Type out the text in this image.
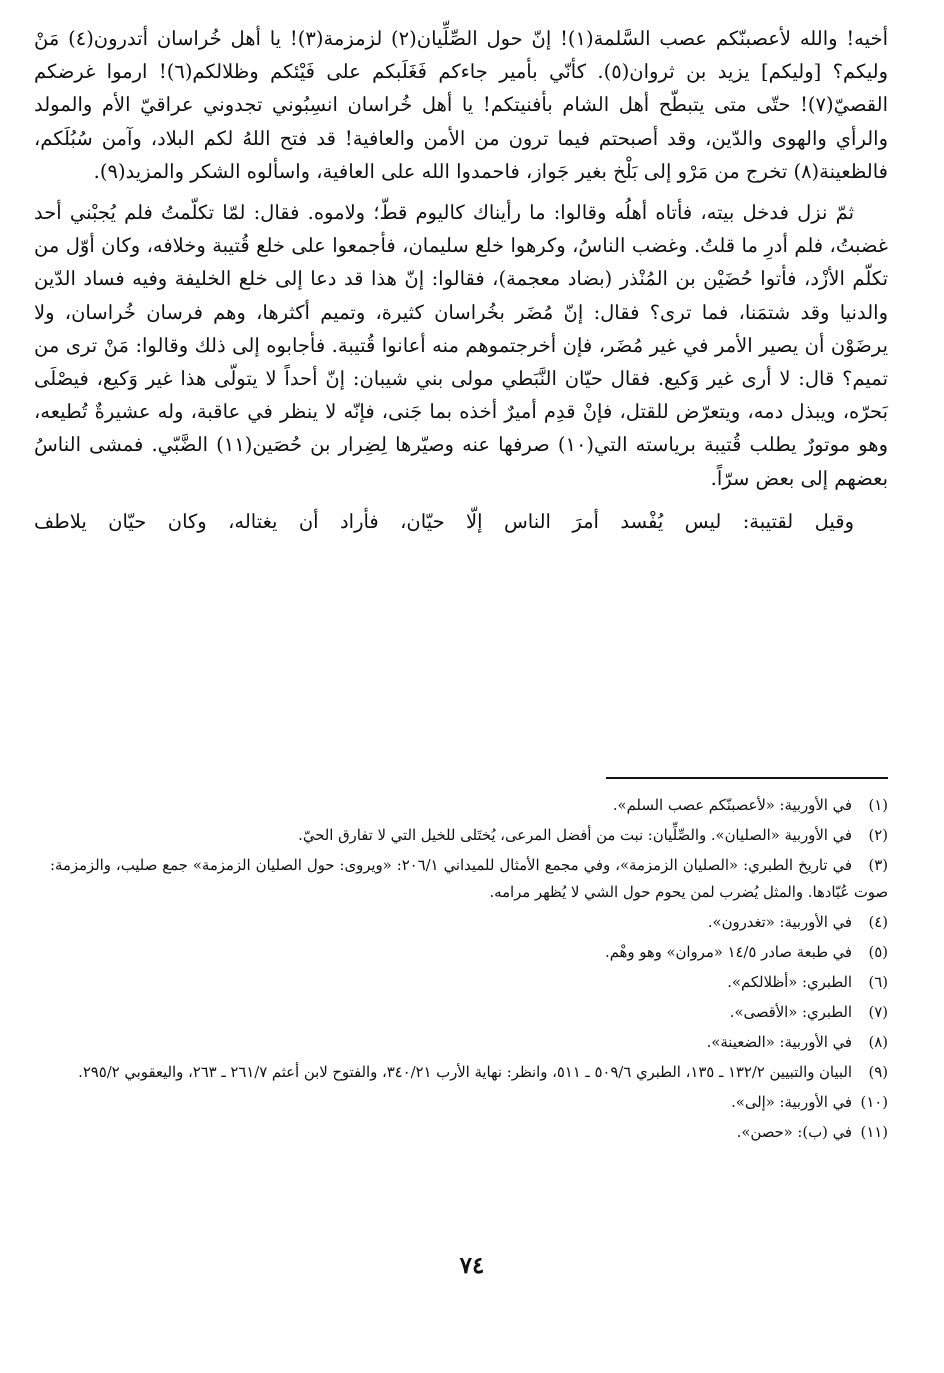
أخيه! والله لأعصبنّكم عصب السَّلمة(١)! إنّ حول الصِّلِّيان(٢) لزمزمة(٣)! يا أهل خُراسان أتدرون(٤) مَنْ وليكم؟ [وليكم] يزيد بن ثروان(٥). كأنّي بأمير جاءكم فَغَلَبكم على فَيْئكم وظلالكم(٦)! ارموا غرضكم القصيّ(٧)! حتّى متى يتبطّح أهل الشام بأفنيتكم! يا أهل خُراسان انسِبُوني تجدوني عراقيّ الأم والمولد والرأي والهوى والدّين، وقد أصبحتم فيما ترون من الأمن والعافية! قد فتح اللهُ لكم البلاد، وآمن سُبُلَكم، فالظعينة(٨) تخرج من مَرْو إلى بَلْخ بغير جَواز، فاحمدوا الله على العافية، واسألوه الشكر والمزيد(٩).

ثمّ نزل فدخل بيته، فأتاه أهلُه وقالوا: ما رأيناك كاليوم قطّ؛ ولاموه. فقال: لمّا تكلّمتُ فلم يُجبْني أحد غضبتُ، فلم أدرِ ما قلتُ. وغضب الناسُ، وكرهوا خلع سليمان، فأجمعوا على خلع قُتيبة وخلافه، وكان أوّل من تكلّم الأزْد، فأتوا حُضَيْن بن المُنْذر (بضاد معجمة)، فقالوا: إنّ هذا قد دعا إلى خلع الخليفة وفيه فساد الدّين والدنيا وقد شتمَنا، فما ترى؟ فقال: إنّ مُضَر بخُراسان كثيرة، وتميم أكثرها، وهم فرسان خُراسان، ولا يرضَوْن أن يصير الأمر في غير مُضَر، فإن أخرجتموهم منه أعانوا قُتيبة. فأجابوه إلى ذلك وقالوا: مَنْ ترى من تميم؟ قال: لا أرى غير وَكيع. فقال حيّان النَّبَطي مولى بني شيبان: إنّ أحداً لا يتولّى هذا غير وَكيع، فيصْلَى بَحرّه، ويبذل دمه، ويتعرّض للقتل، فإنْ قدِم أميرٌ أخذه بما جَنى، فإنّه لا ينظر في عاقبة، وله عشيرةٌ تُطيعه، وهو موتورٌ يطلب قُتيبة برياسته التي(١٠) صرفها عنه وصيّرها لِضِرار بن حُصَين(١١) الضَّبّي. فمشى الناسُ بعضهم إلى بعض سرّاً.

وقيل لقتيبة: ليس يُفْسد أمرَ الناس إلّا حيّان، فأراد أن يغتاله، وكان حيّان يلاطف

(١)في الأوربية: «لأعصبنّكم عصب السلم».

(٢)في الأوربية «الصليان». والصِّلِّيان: نبت من أفضل المرعى، يُختَلى للخيل التي لا تفارق الحيّ.

(٣)في تاريخ الطبري: «الصليان الزمزمة»، وفي مجمع الأمثال للميداني ٢٠٦/١: «ويروى: حول الصليان الزمزمة» جمع صليب، والزمزمة: صوت عُبّادها. والمثل يُضرب لمن يحوم حول الشي لا يُظهر مرامه.

(٤)في الأوربية: «تغدرون».

(٥)في طبعة صادر ١٤/٥ «مروان» وهو وهْم.

(٦)الطبري: «أظلالكم».

(٧)الطبري: «الأقصى».

(٨)في الأوربية: «الضعينة».

(٩)البيان والتبيين ١٣٢/٢ ـ ١٣٥، الطبري ٥٠٩/٦ ـ ٥١١، وانظر: نهاية الأرب ٣٤٠/٢١، والفتوح لابن أعثم ٢٦١/٧ ـ ٢٦٣، واليعقوبي ٢٩٥/٢.

(١٠)في الأوربية: «إلى».

(١١)في (ب): «حصن».

٧٤
